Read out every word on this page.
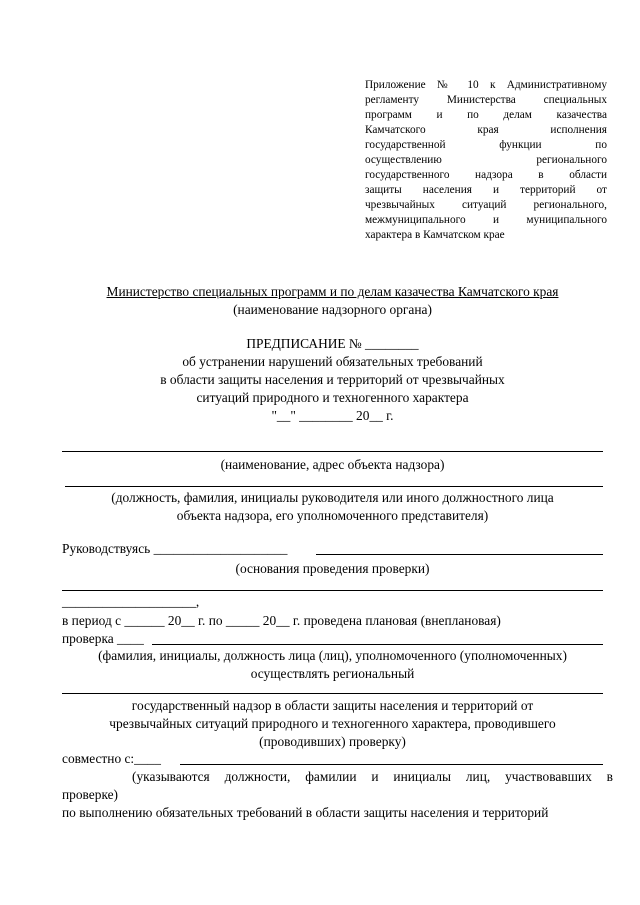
Приложение № 10 к Административному
регламенту Министерства специальных
программ и по делам казачества
Камчатского края исполнения
государственной функции по
осуществлению регионального
государственного надзора в области
защиты населения и территорий от
чрезвычайных ситуаций регионального,
межмуниципального и муниципального
характера в Камчатском крае
Министерство специальных программ и по делам казачества Камчатского края
(наименование надзорного органа)
ПРЕДПИСАНИЕ № ________
об устранении нарушений обязательных требований
в области защиты населения и территорий от чрезвычайных
ситуаций природного и техногенного характера
"__" ________ 20__ г.
(наименование, адрес объекта надзора)
(должность, фамилия, инициалы руководителя или иного должностного лица
объекта надзора, его уполномоченного представителя)
Руководствуясь ____________________
(основания проведения проверки)
____________________,
в период с ______ 20__ г. по _____ 20__ г. проведена плановая (внеплановая)
проверка ____
(фамилия, инициалы, должность лица (лиц), уполномоченного (уполномоченных)
осуществлять региональный
государственный надзор в области защиты населения и территорий от
чрезвычайных ситуаций природного и техногенного характера, проводившего
(проводивших) проверку)
совместно с:____
(указываются должности, фамилии и инициалы лиц, участвовавших в
проверке)
по выполнению обязательных требований в области защиты населения и территорий
